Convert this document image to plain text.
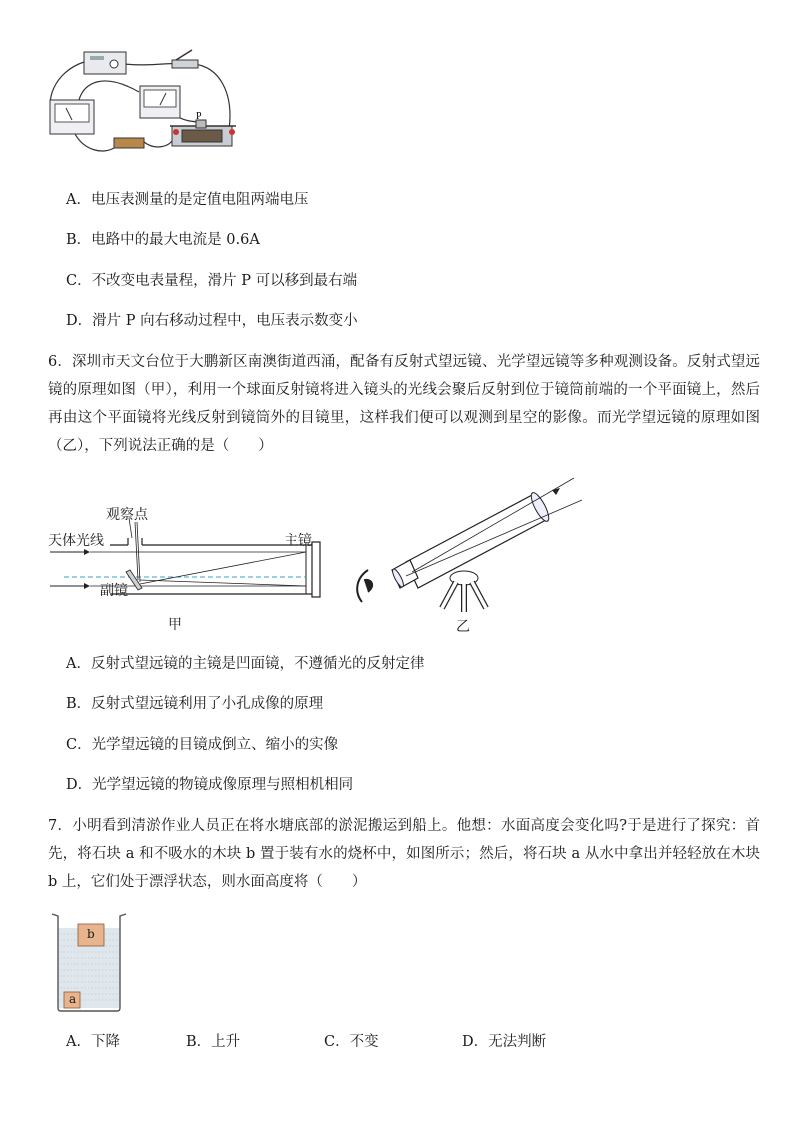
P
A．电压表测量的是定值电阻两端电压
B．电路中的最大电流是 0.6A
C．不改变电表量程，滑片 P 可以移到最右端
D．滑片 P 向右移动过程中，电压表示数变小
6．深圳市天文台位于大鹏新区南澳街道西涌，配备有反射式望远镜、光学望远镜等多种观测设备。反射式望远镜的原理如图（甲），利用一个球面反射镜将进入镜头的光线会聚后反射到位于镜筒前端的一个平面镜上，然后再由这个平面镜将光线反射到镜筒外的目镜里，这样我们便可以观测到星空的影像。而光学望远镜的原理如图（乙），下列说法正确的是（　　）
观察点
天体光线	主镜
副镜
甲	乙
A．反射式望远镜的主镜是凹面镜，不遵循光的反射定律
B．反射式望远镜利用了小孔成像的原理
C．光学望远镜的目镜成倒立、缩小的实像
D．光学望远镜的物镜成像原理与照相机相同
7．小明看到清淤作业人员正在将水塘底部的淤泥搬运到船上。他想：水面高度会变化吗?于是进行了探究：首先，将石块 a 和不吸水的木块 b 置于装有水的烧杯中，如图所示；然后，将石块 a 从水中拿出并轻轻放在木块 b 上，它们处于漂浮状态，则水面高度将（　　）
b
a
A．下降	B．上升	C．不变	D．无法判断
